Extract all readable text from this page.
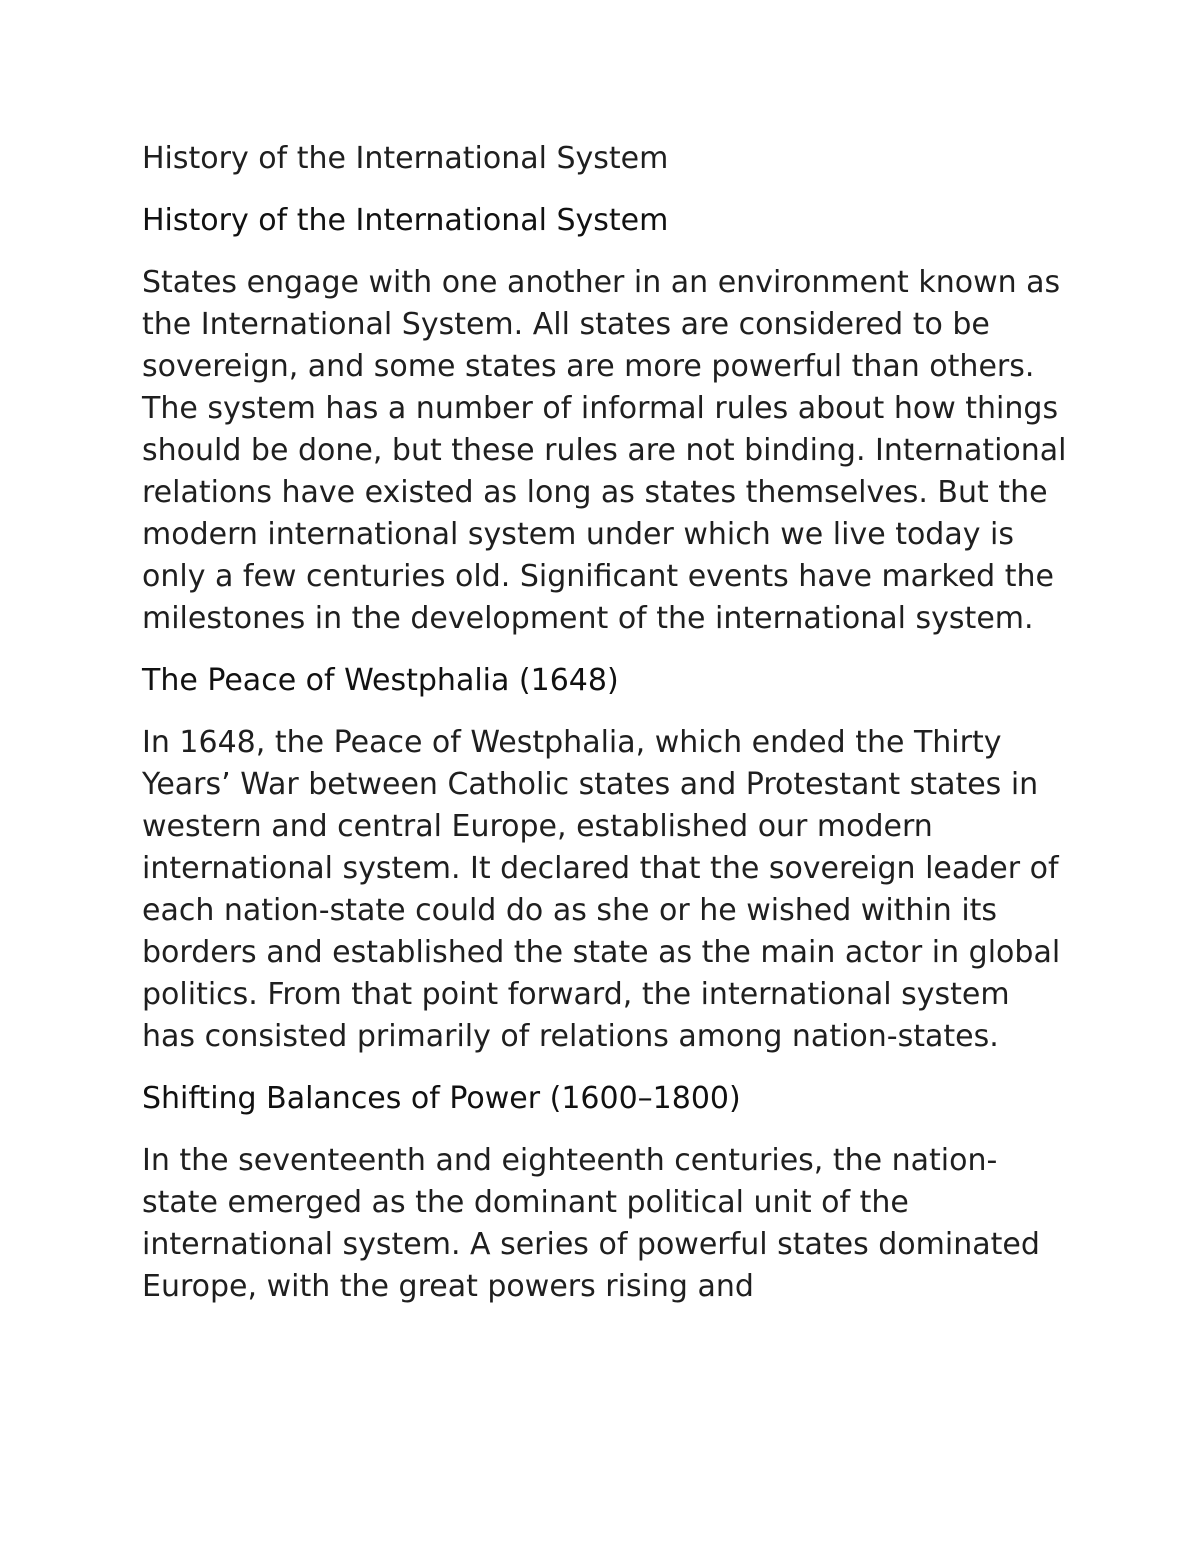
History of the International System

History of the International System

States engage with one another in an environment known as the International System. All states are considered to be sovereign, and some states are more powerful than others. The system has a number of informal rules about how things should be done, but these rules are not binding. International relations have existed as long as states themselves. But the modern international system under which we live today is only a few centuries old. Significant events have marked the milestones in the development of the international system.

The Peace of Westphalia (1648)

In 1648, the Peace of Westphalia, which ended the Thirty Years’ War between Catholic states and Protestant states in western and central Europe, established our modern international system. It declared that the sovereign leader of each nation-state could do as she or he wished within its borders and established the state as the main actor in global politics. From that point forward, the international system has consisted primarily of relations among nation-states.

Shifting Balances of Power (1600–1800)

In the seventeenth and eighteenth centuries, the nation-state emerged as the dominant political unit of the international system. A series of powerful states dominated Europe, with the great powers rising and
